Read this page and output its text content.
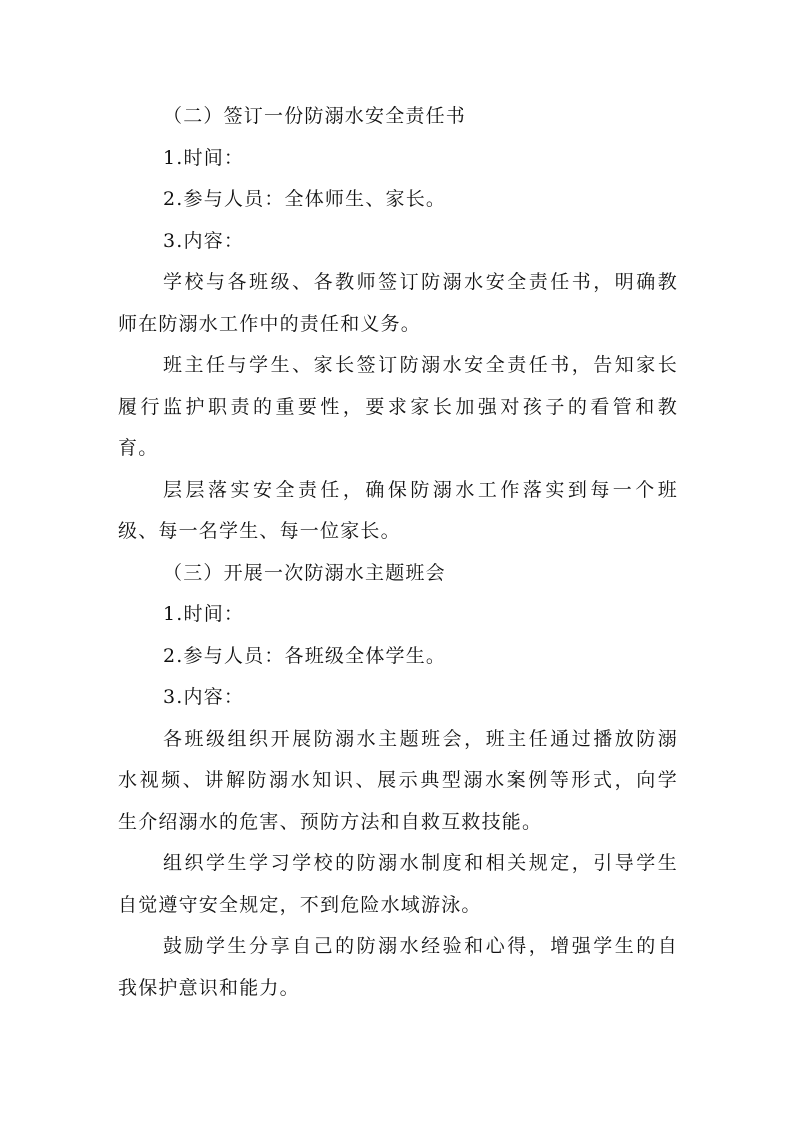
（二）签订一份防溺水安全责任书
1.时间：
2.参与人员：全体师生、家长。
3.内容：
学校与各班级、各教师签订防溺水安全责任书，明确教
师在防溺水工作中的责任和义务。
班主任与学生、家长签订防溺水安全责任书，告知家长
履行监护职责的重要性，要求家长加强对孩子的看管和教
育。
层层落实安全责任，确保防溺水工作落实到每一个班
级、每一名学生、每一位家长。
（三）开展一次防溺水主题班会
1.时间：
2.参与人员：各班级全体学生。
3.内容：
各班级组织开展防溺水主题班会，班主任通过播放防溺
水视频、讲解防溺水知识、展示典型溺水案例等形式，向学
生介绍溺水的危害、预防方法和自救互救技能。
组织学生学习学校的防溺水制度和相关规定，引导学生
自觉遵守安全规定，不到危险水域游泳。
鼓励学生分享自己的防溺水经验和心得，增强学生的自
我保护意识和能力。
